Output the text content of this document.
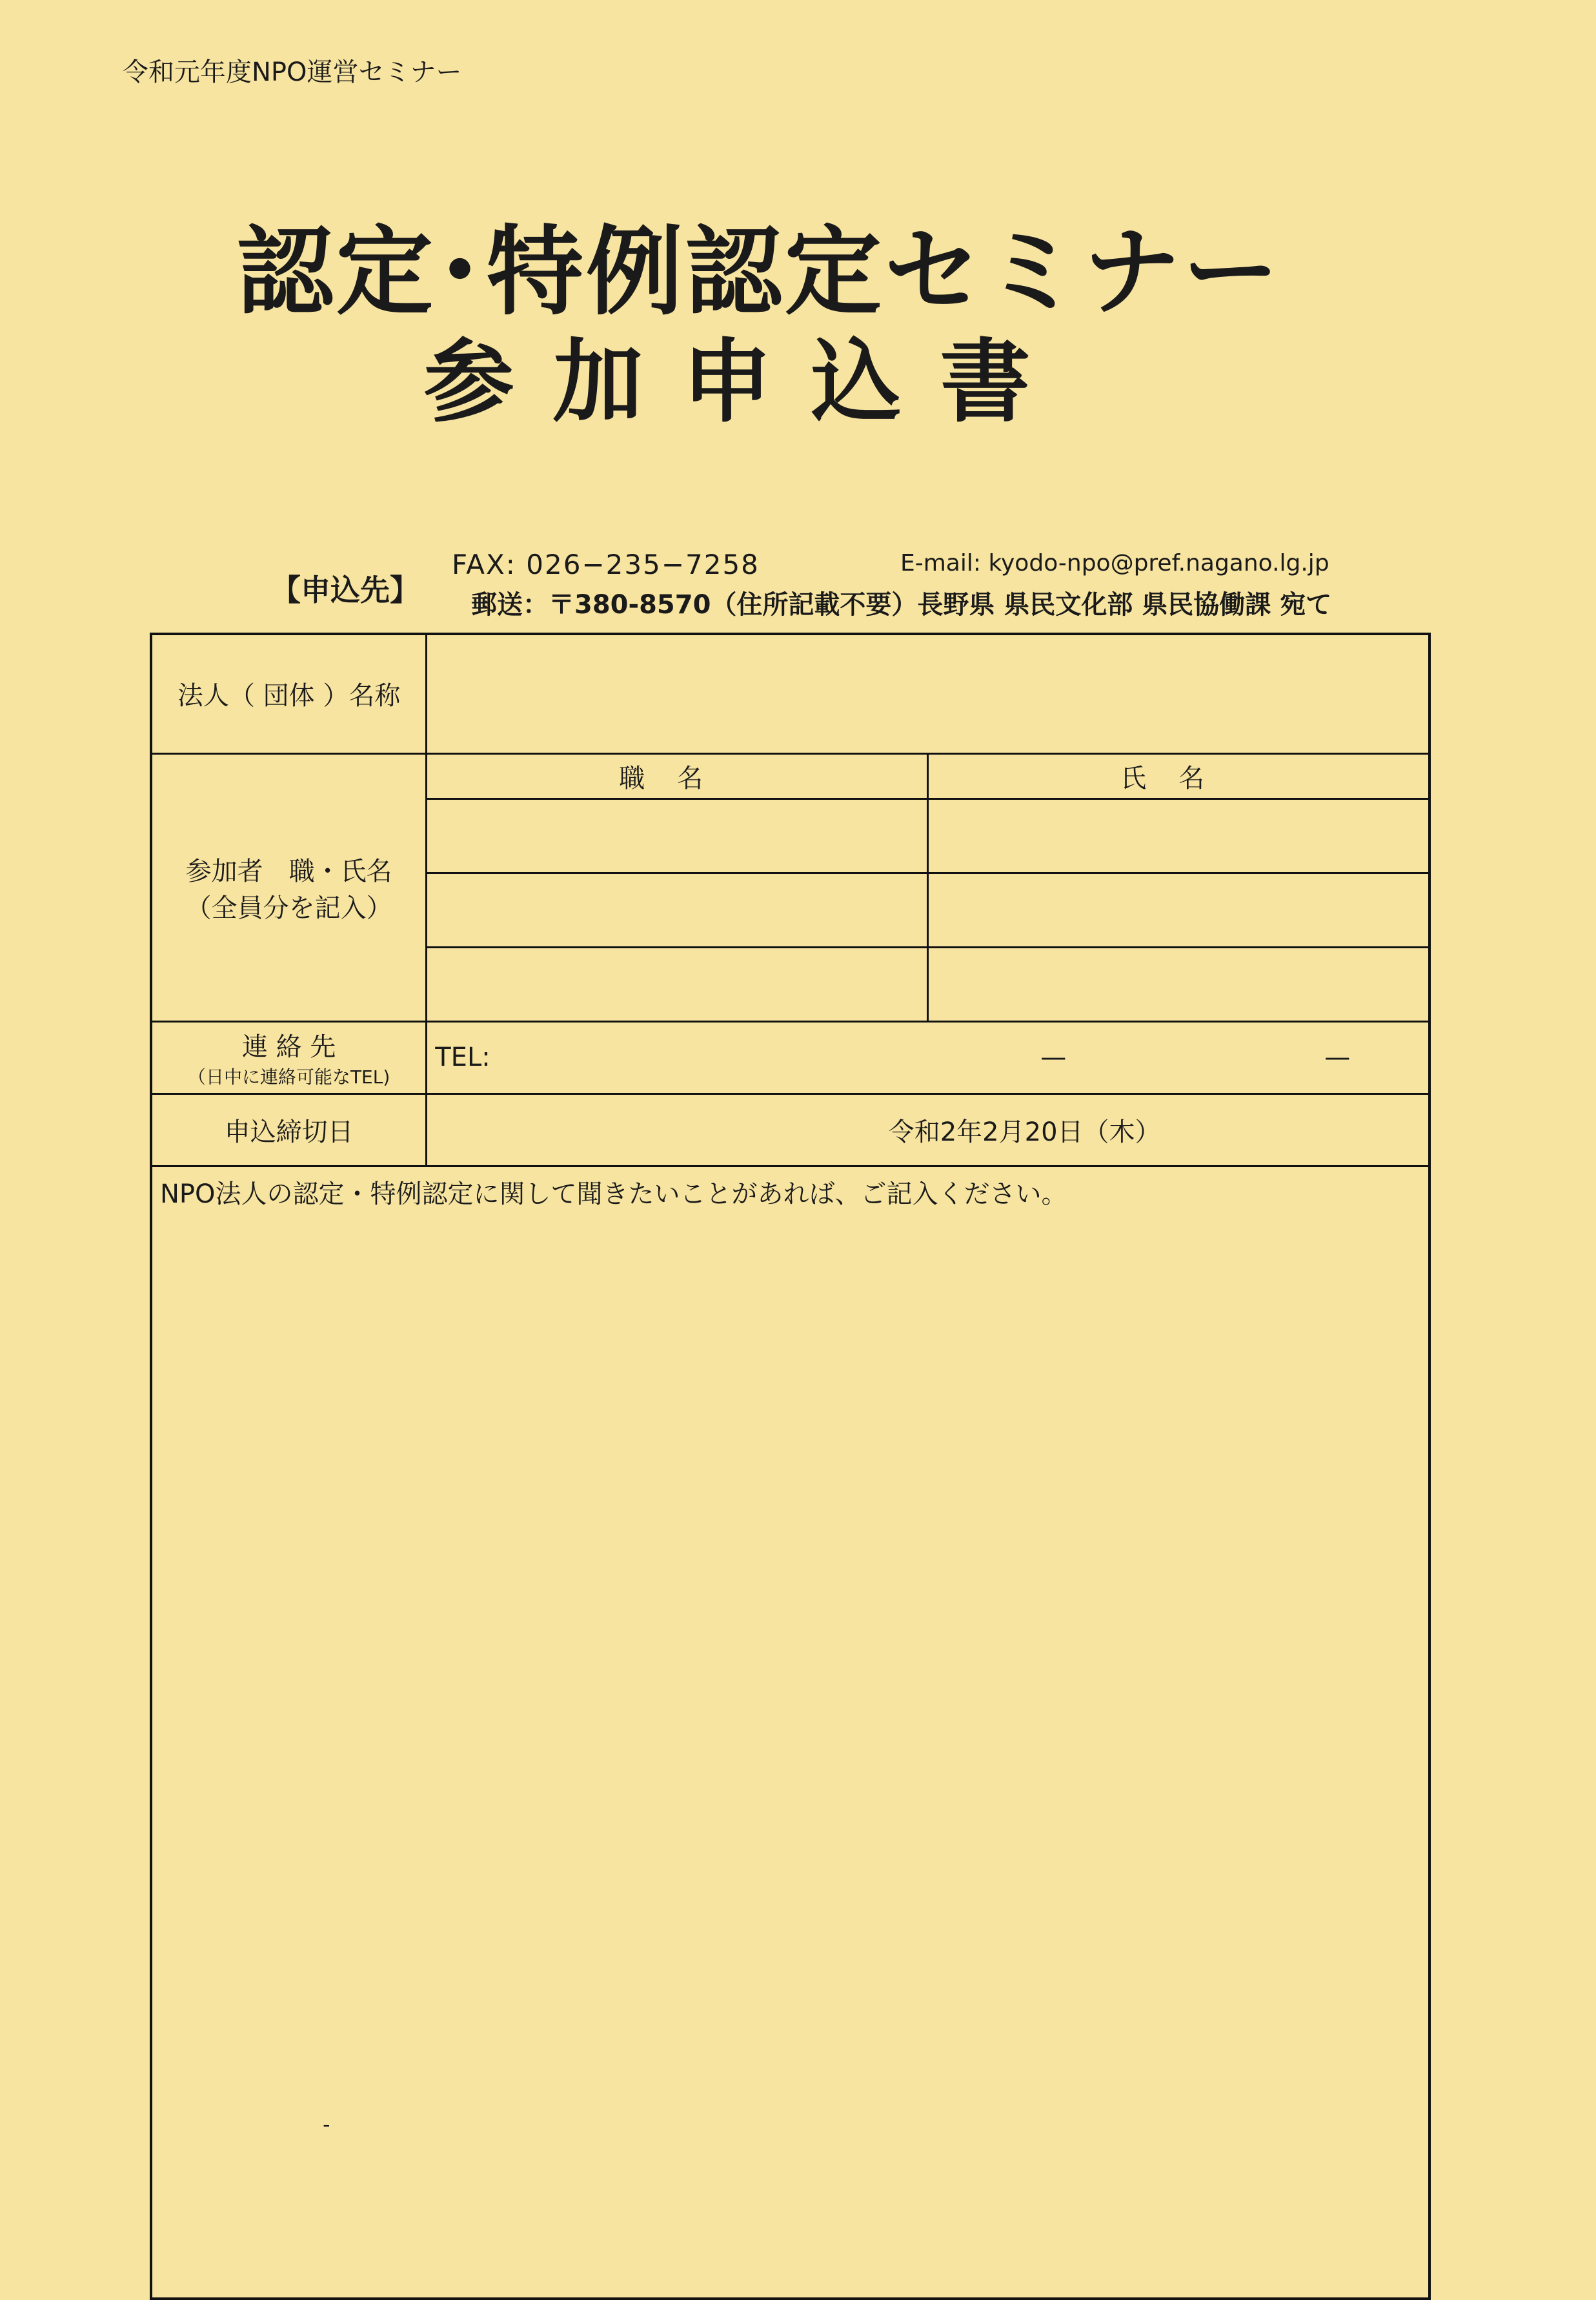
令和元年度NPO運営セミナー
認定･特例認定セミナー
参加申込書
【申込先】
FAX: 026−235−7258	E-mail: kyodo-npo@pref.nagano.lg.jp
郵送：〒380-8570（住所記載不要）長野県 県民文化部 県民協働課 宛て
法人（ 団体 ）名称		
参加者　職・氏名
（全員分を記入）	職名	氏名

連 絡 先
（日中に連絡可能なTEL)	TEL: — —	

申込締切日	令和2年2月20日（木）	
NPO法人の認定・特例認定に関して聞きたいことがあれば、ご記入ください。		
-
